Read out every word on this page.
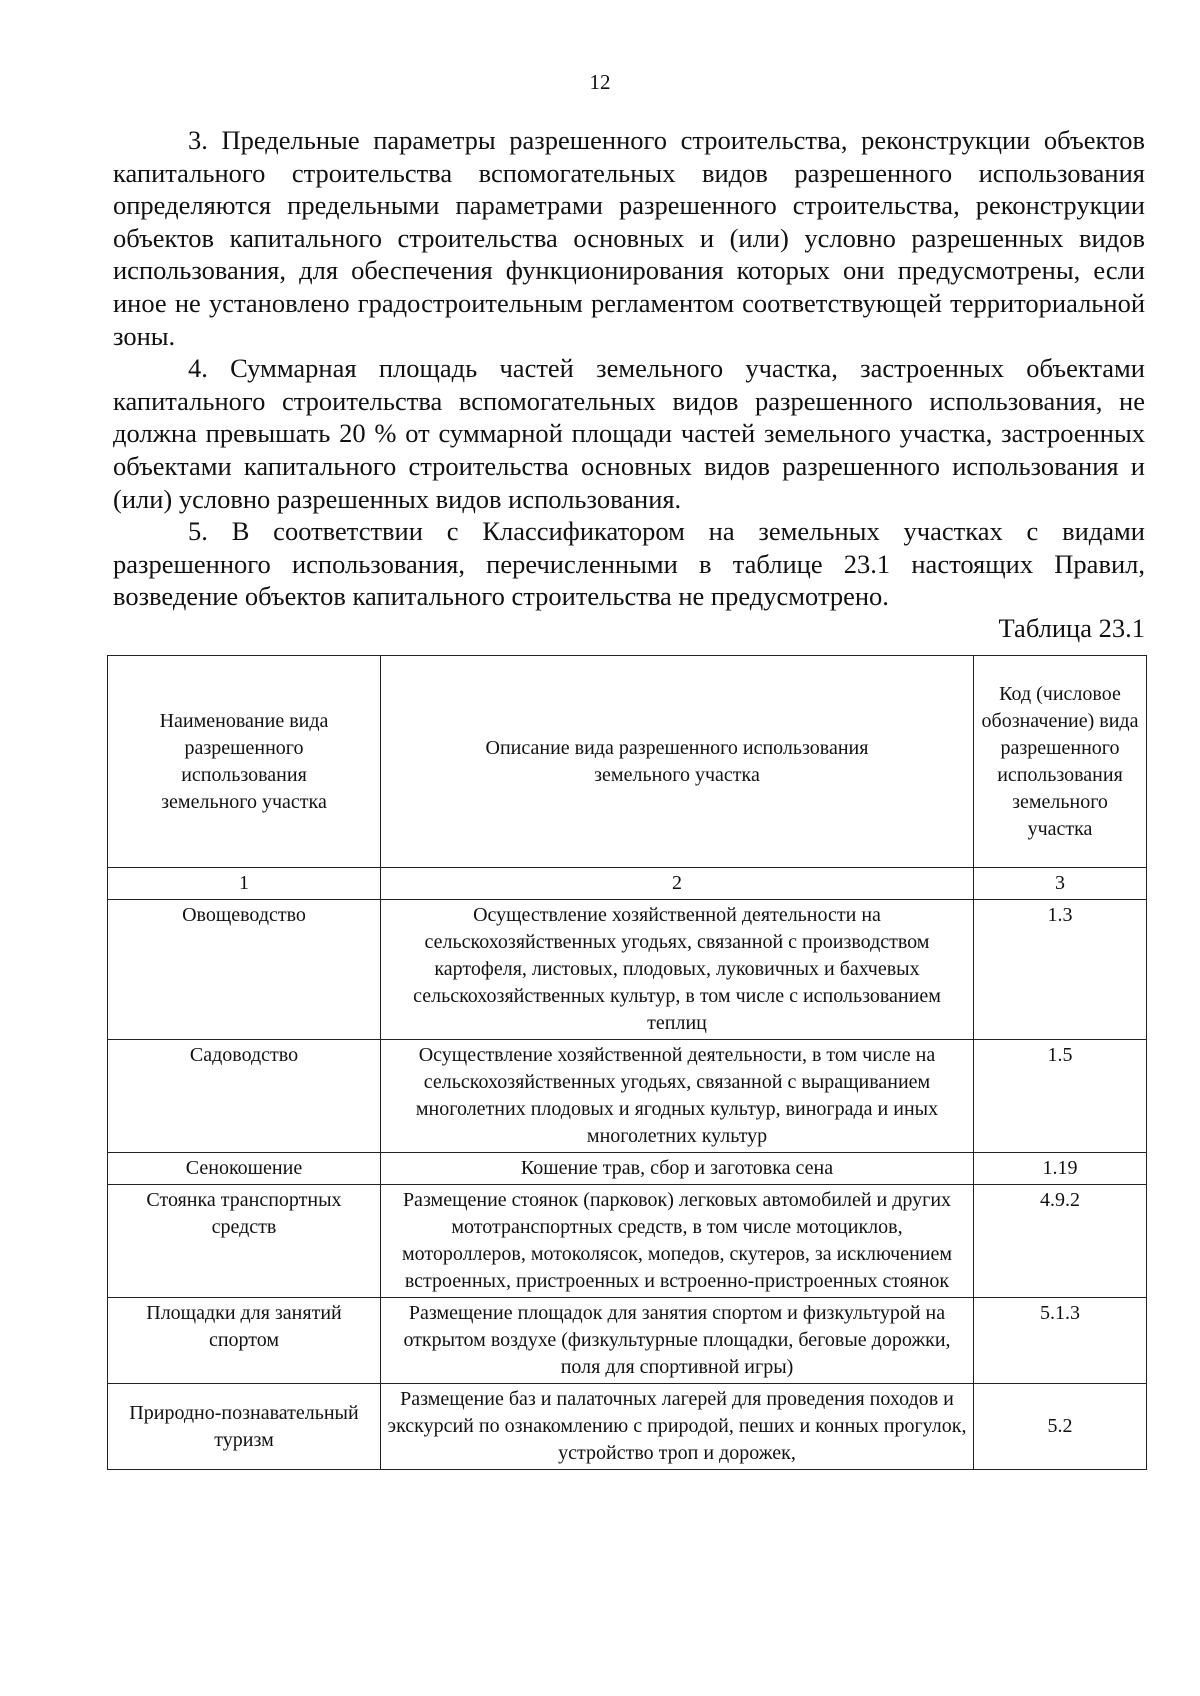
12

3. Предельные параметры разрешенного строительства, реконструкции объектов капитального строительства вспомогательных видов разрешенного использования определяются предельными параметрами разрешенного строительства, реконструкции объектов капитального строительства основных и (или) условно разрешенных видов использования, для обеспечения функционирования которых они предусмотрены, если иное не установлено градостроительным регламентом соответствующей территориальной зоны.

4. Суммарная площадь частей земельного участка, застроенных объектами капитального строительства вспомогательных видов разрешенного использования, не должна превышать 20 % от суммарной площади частей земельного участка, застроенных объектами капитального строительства основных видов разрешенного использования и (или) условно разрешенных видов использования.

5. В соответствии с Классификатором на земельных участках с видами разрешенного использования, перечисленными в таблице 23.1 настоящих Правил, возведение объектов капитального строительства не предусмотрено.

Таблица 23.1
Наименование вида разрешенного использования земельного участка	Описание вида разрешенного использования земельного участка	Код (числовое обозначение) вида разрешенного использования земельного участка
1	2	3
Овощеводство	Осуществление хозяйственной деятельности на сельскохозяйственных угодьях, связанной с производством картофеля, листовых, плодовых, луковичных и бахчевых сельскохозяйственных культур, в том числе с использованием теплиц	1.3
Садоводство	Осуществление хозяйственной деятельности, в том числе на сельскохозяйственных угодьях, связанной с выращиванием многолетних плодовых и ягодных культур, винограда и иных многолетних культур	1.5
Сенокошение	Кошение трав, сбор и заготовка сена	1.19
Стоянка транспортных средств	Размещение стоянок (парковок) легковых автомобилей и других мототранспортных средств, в том числе мотоциклов, мотороллеров, мотоколясок, мопедов, скутеров, за исключением встроенных, пристроенных и встроенно-пристроенных стоянок	4.9.2
Площадки для занятий спортом	Размещение площадок для занятия спортом и физкультурой на открытом воздухе (физкультурные площадки, беговые дорожки, поля для спортивной игры)	5.1.3
Природно-познавательный туризм	Размещение баз и палаточных лагерей для проведения походов и экскурсий по ознакомлению с природой, пеших и конных прогулок, устройство троп и дорожек,	5.2
